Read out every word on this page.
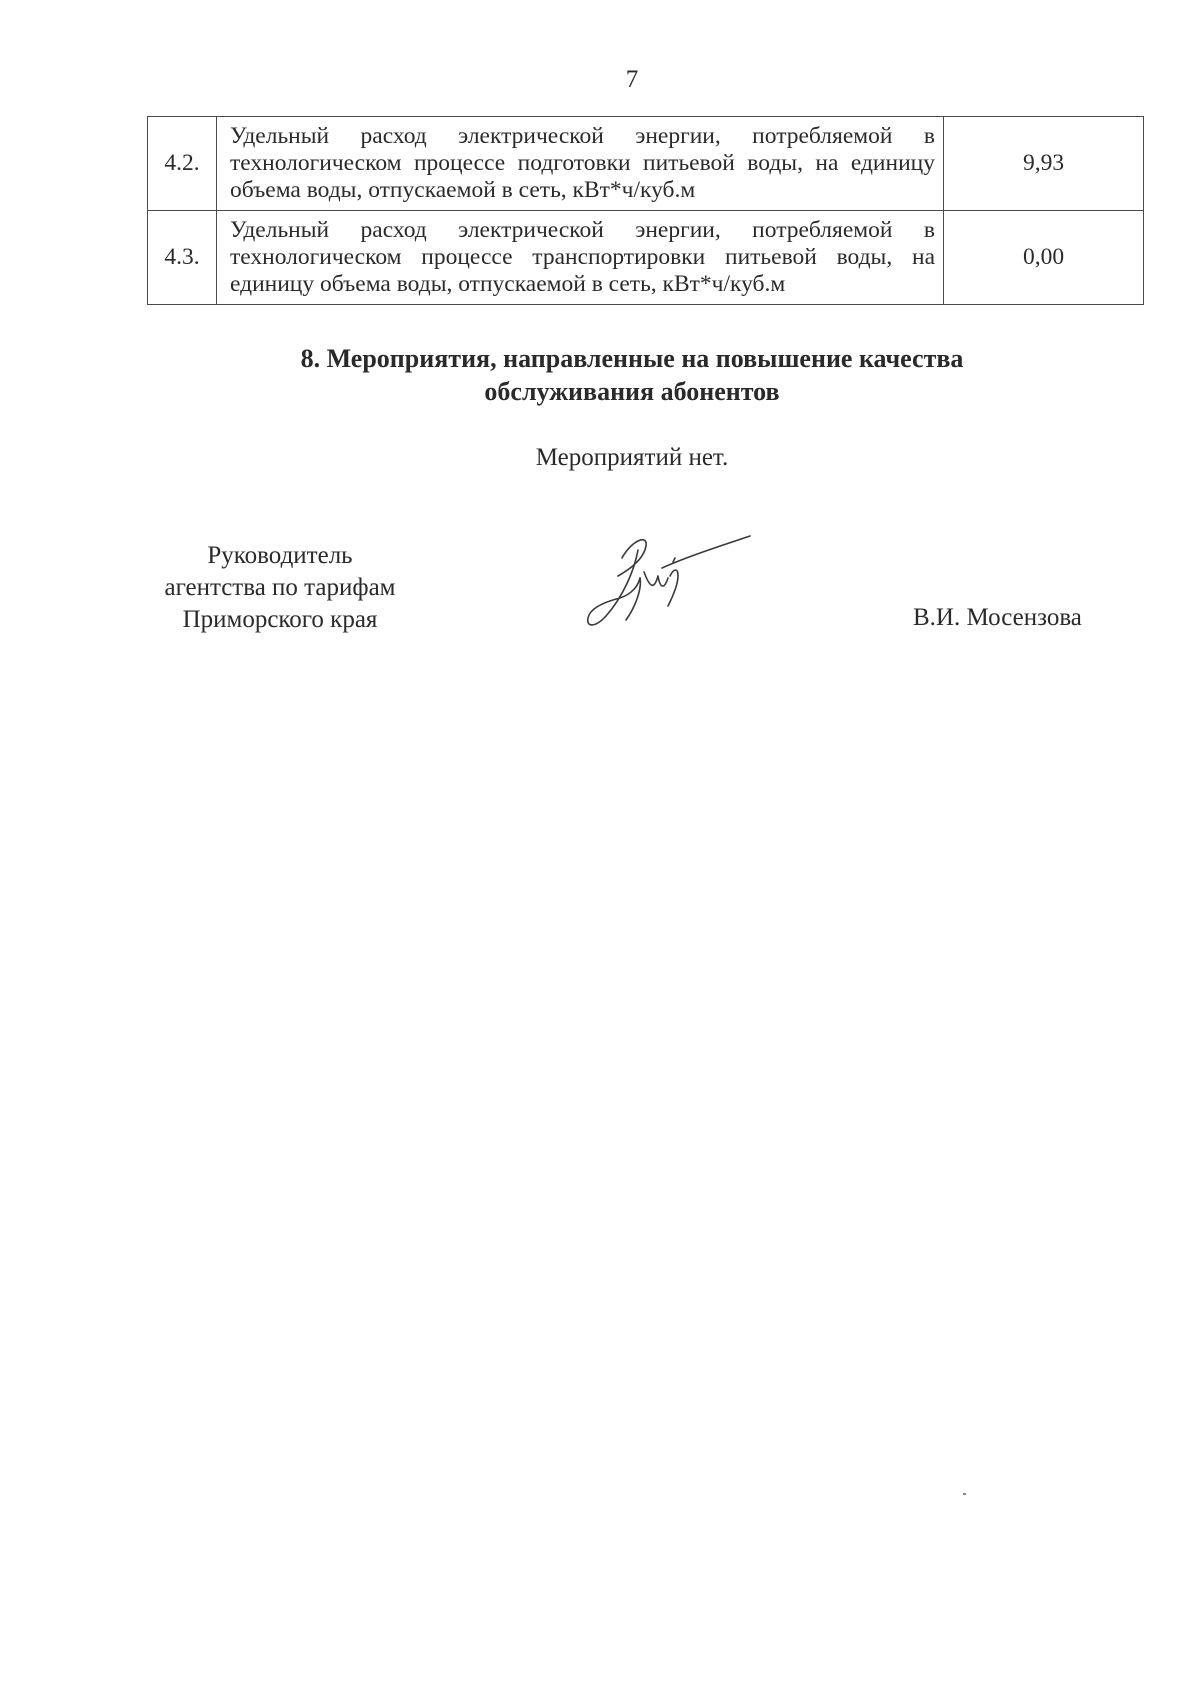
7
4.2.	Удельный расход электрической энергии, потребляемой в технологическом процессе подготовки питьевой воды, на единицу объема воды, отпускаемой в сеть, кВт*ч/куб.м	9,93
4.3.	Удельный расход электрической энергии, потребляемой в технологическом процессе транспортировки питьевой воды, на единицу объема воды, отпускаемой в сеть, кВт*ч/куб.м	0,00
8. Мероприятия, направленные на повышение качества
обслуживания абонентов
Мероприятий нет.
Руководитель
агентства по тарифам
Приморского края	В.И. Мосензова
